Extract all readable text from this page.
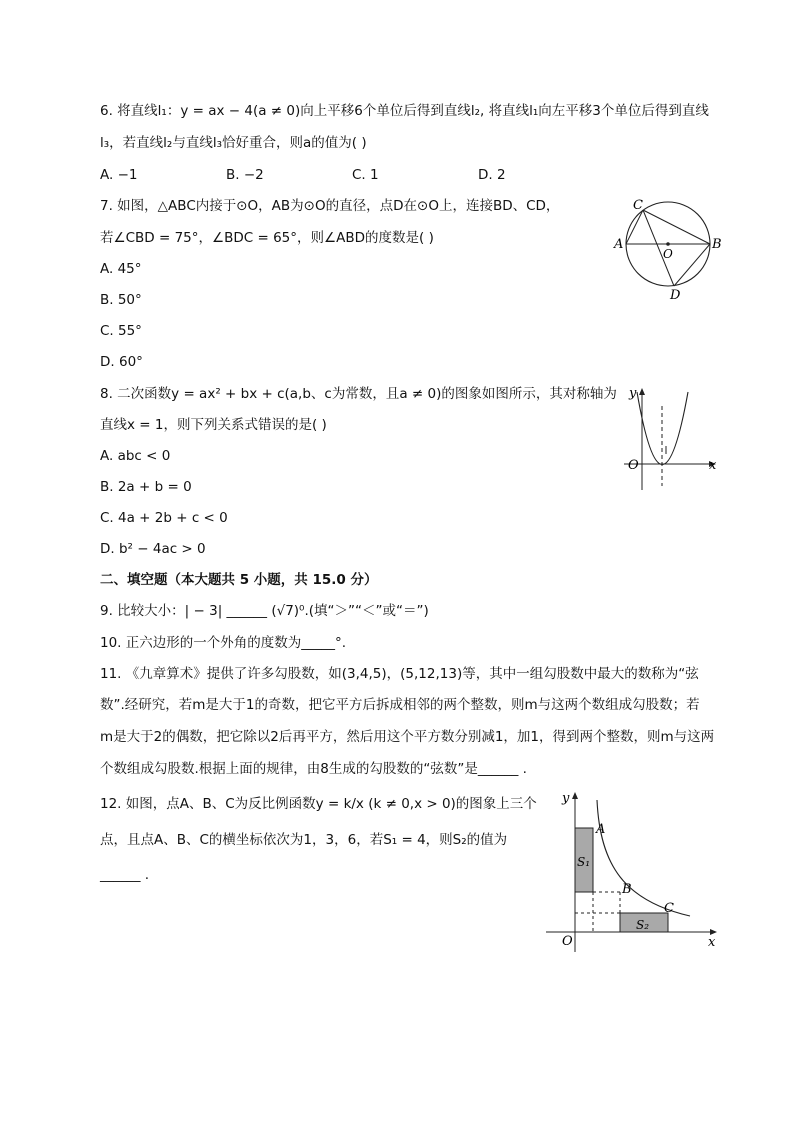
6. 将直线l₁：y = ax − 4(a ≠ 0)向上平移6个单位后得到直线l₂, 将直线l₁向左平移3个单位后得到直线
l₃，若直线l₂与直线l₃恰好重合，则a的值为( )
A. −1	B. −2	C. 1	D. 2
7. 如图，△ABC内接于⊙O，AB为⊙O的直径，点D在⊙O上，连接BD、CD，
若∠CBD = 75°，∠BDC = 65°，则∠ABD的度数是( )
A. 45°
B. 50°
C. 55°
D. 60°
C
A
O
B
D
8. 二次函数y = ax² + bx + c(a,b、c为常数，且a ≠ 0)的图象如图所示，其对称轴为
直线x = 1，则下列关系式错误的是( )
A. abc < 0
B. 2a + b = 0
C. 4a + 2b + c < 0
D. b² − 4ac > 0
y
O	x
二、填空题（本大题共 5 小题，共 15.0 分）
9. 比较大小：| − 3| ______ (√7)⁰.(填“＞”“＜”或“＝”)
10. 正六边形的一个外角的度数为_____°.
11. 《九章算术》提供了许多勾股数，如(3,4,5)，(5,12,13)等，其中一组勾股数中最大的数称为“弦
数”.经研究，若m是大于1的奇数，把它平方后拆成相邻的两个整数，则m与这两个数组成勾股数；若
m是大于2的偶数，把它除以2后再平方，然后用这个平方数分别减1，加1，得到两个整数，则m与这两
个数组成勾股数.根据上面的规律，由8生成的勾股数的“弦数”是______ .
12. 如图，点A、B、C为反比例函数y = k/x (k ≠ 0,x > 0)的图象上三个
点，且点A、B、C的横坐标依次为1，3，6，若S₁ = 4，则S₂的值为
______ .
y
A
S₁
B
C
S₂
O	x
